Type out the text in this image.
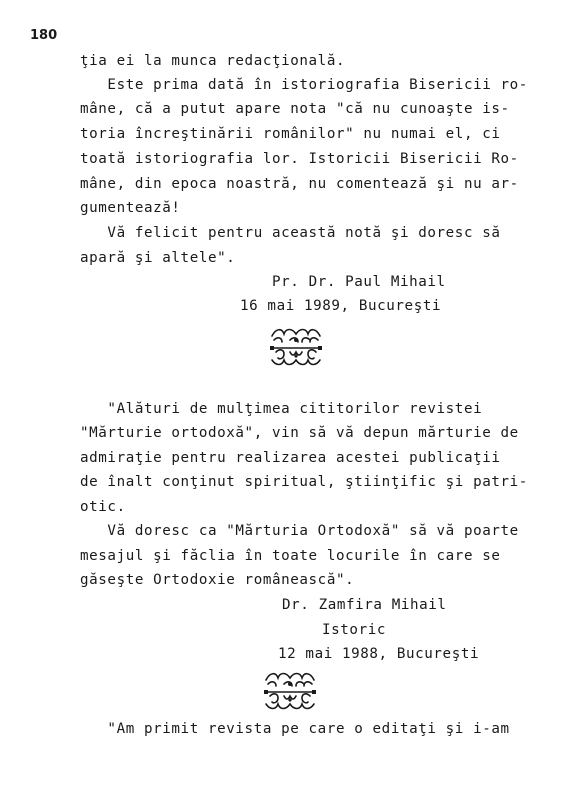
180
ţia ei la munca redacţională.
Este prima dată în istoriografia Bisericii ro-
mâne, că a putut apare nota "că nu cunoaşte is-
toria încreştinării românilor" nu numai el, ci
toată istoriografia lor. Istoricii Bisericii Ro-
mâne, din epoca noastră, nu comentează şi nu ar-
gumentează!
Vă felicit pentru această notă şi doresc să
apară şi altele".
Pr. Dr. Paul Mihail
16 mai 1989, Bucureşti
"Alături de mulţimea cititorilor revistei
"Mărturie ortodoxă", vin să vă depun mărturie de
admiraţie pentru realizarea acestei publicaţii
de înalt conţinut spiritual, ştiinţific şi patri-
otic.
Vă doresc ca "Mărturia Ortodoxă" să vă poarte
mesajul şi făclia în toate locurile în care se
găseşte Ortodoxie românească".
Dr. Zamfira Mihail
Istoric
12 mai 1988, Bucureşti
"Am primit revista pe care o editaţi şi i-am
